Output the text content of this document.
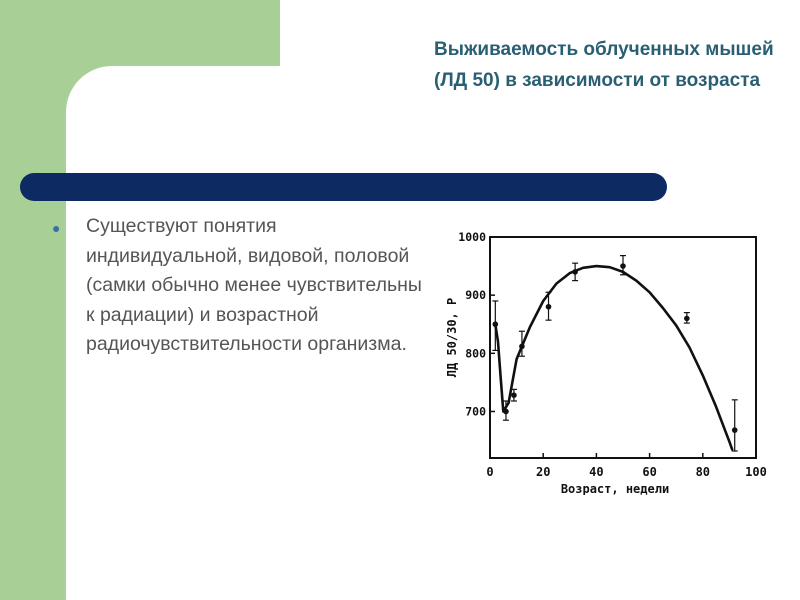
Выживаемость облученных мышей (ЛД 50) в зависимости от возраста
● Существуют понятия индивидуальной, видовой, половой (самки обычно менее чувствительны к радиации) и возрастной радиочувствительности организма.
0	20	40	60	80	100
700
800
900
1000
Возраст, недели
ЛД 50/30, Р
